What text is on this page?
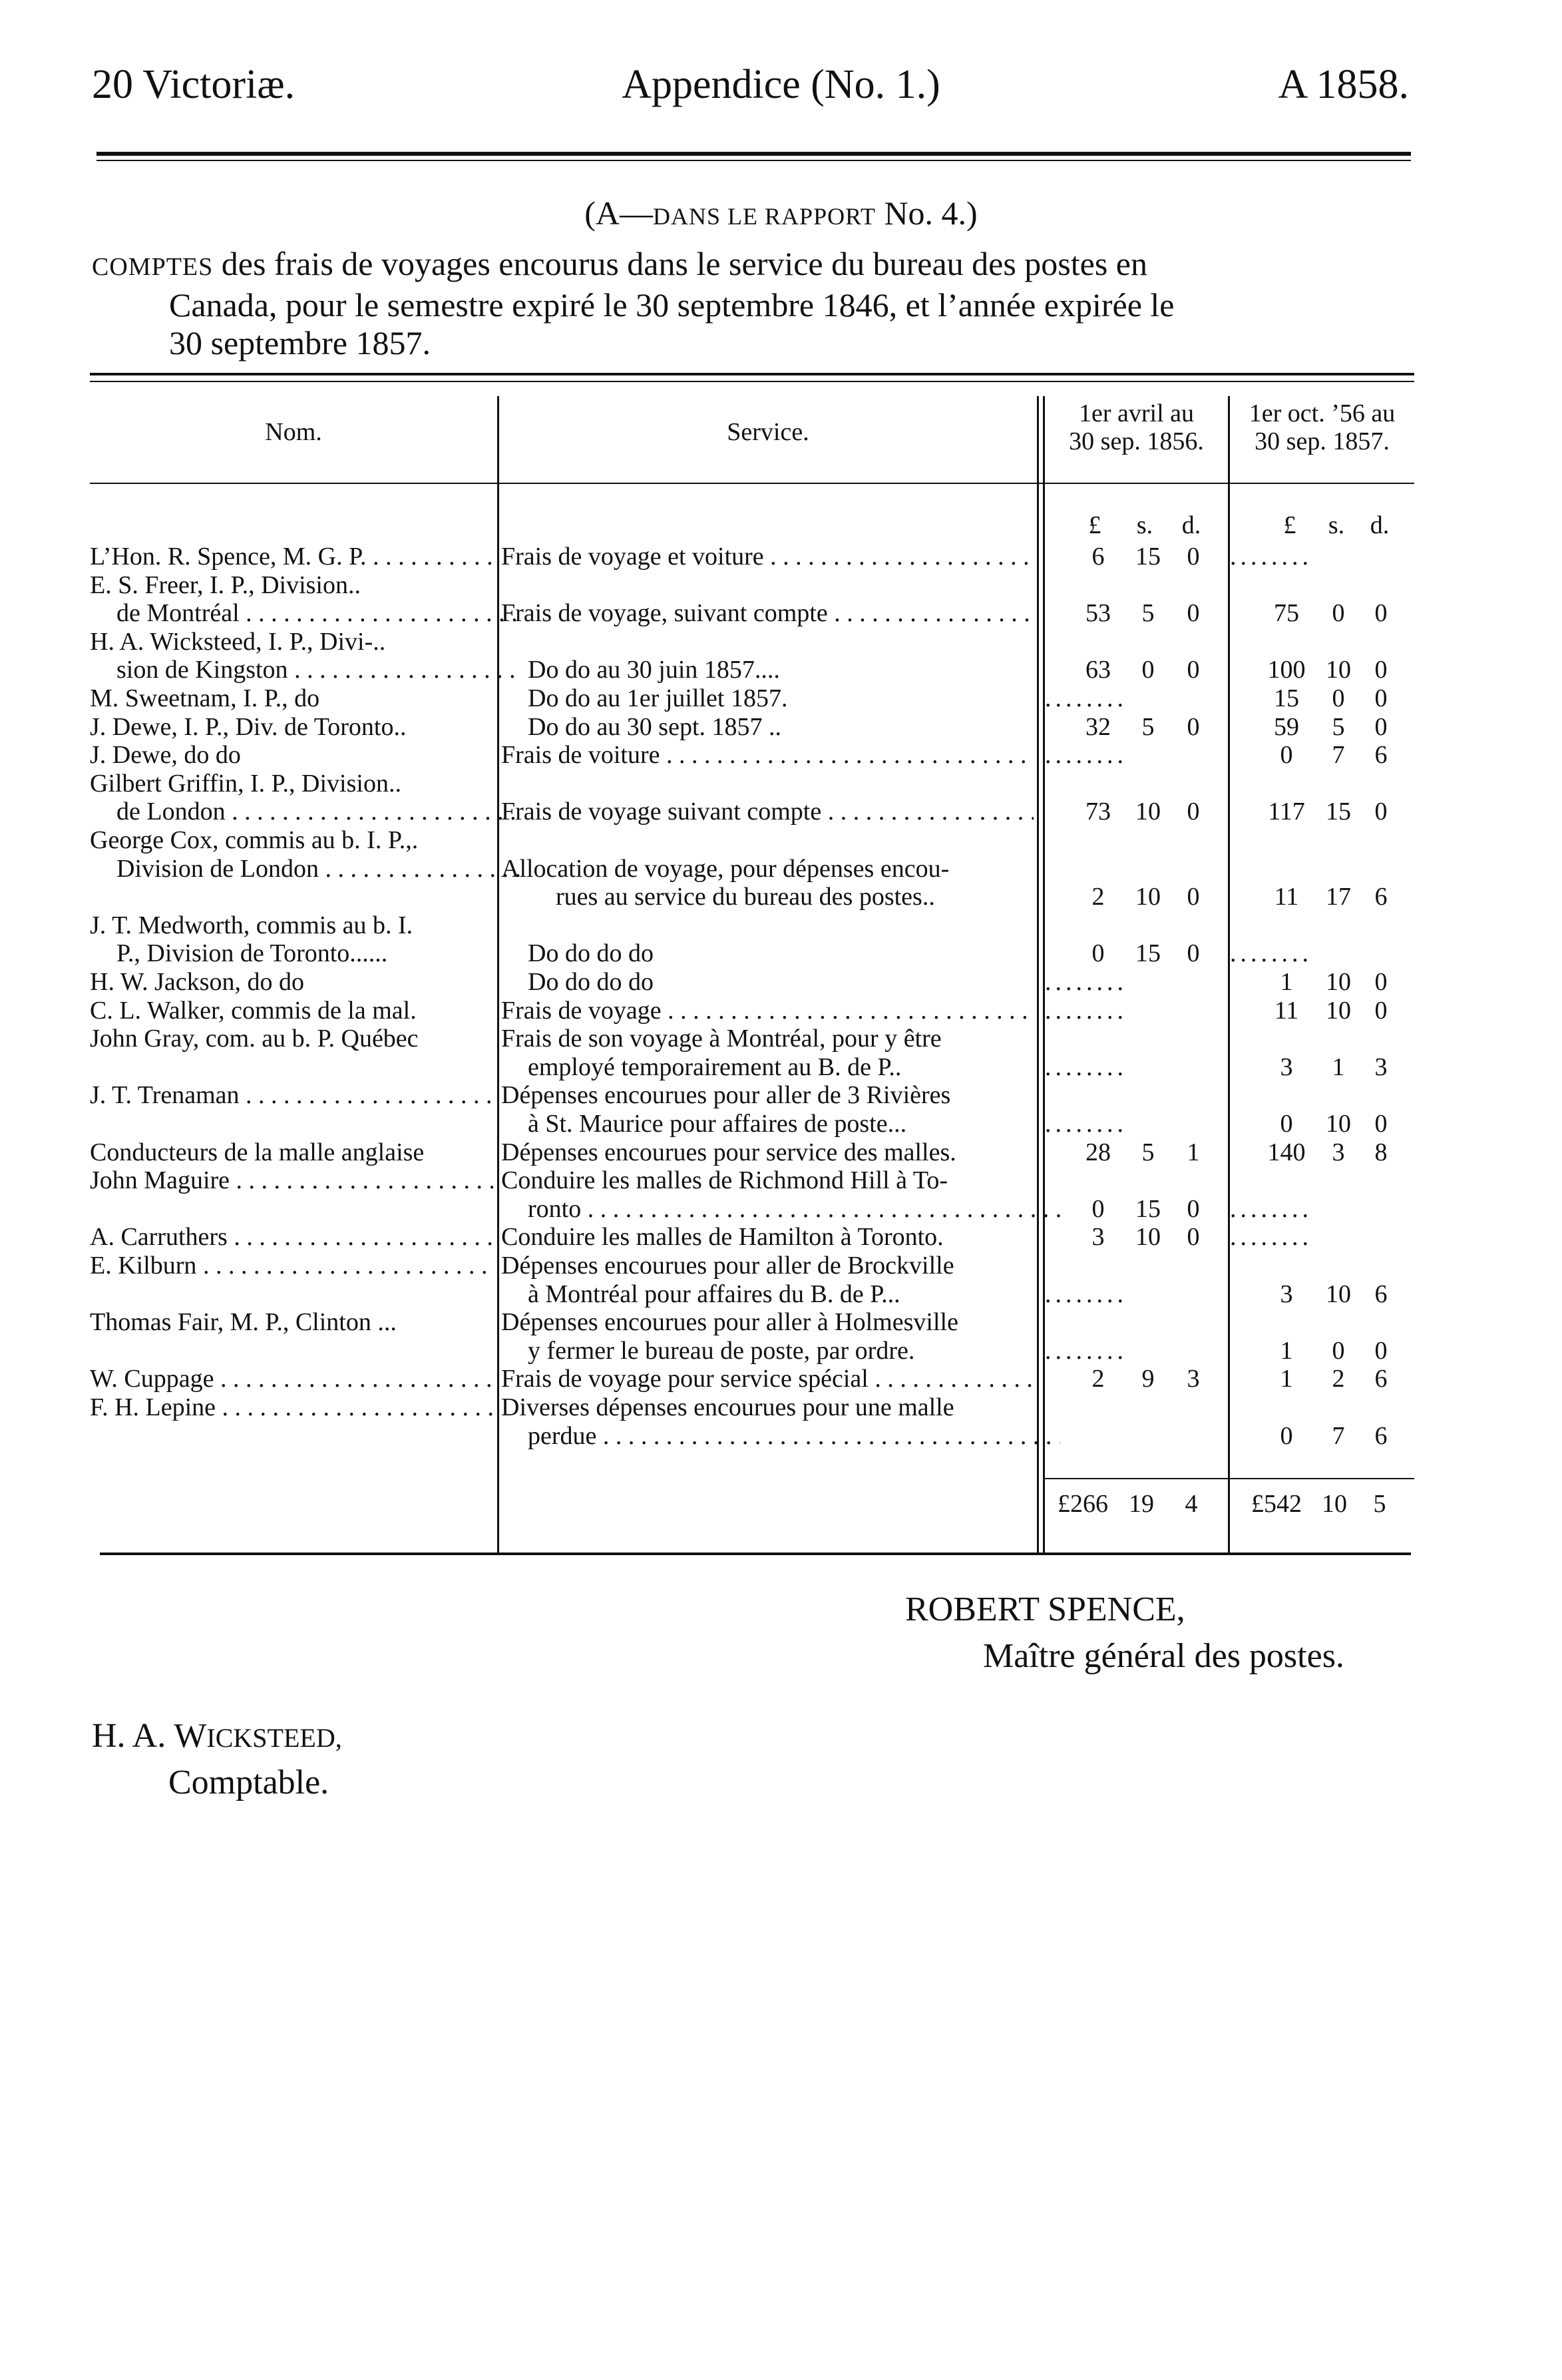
20 Victoriæ.	Appendice (No. 1.)	A 1858.
(A—DANS LE RAPPORT No. 4.)
COMPTES des frais de voyages encourus dans le service du bureau des postes en
Canada, pour le semestre expiré le 30 septembre 1846, et l’année expirée le
30 septembre 1857.
Nom.	Service.
1er avril au
30 sep. 1856.
1er oct. ’56 au
30 sep. 1857.
£	s.	d.	£	s.	d.
L’Hon. R. Spence, M. G. P. . . .	Frais de voyage et voiture . . .	6	15	0	........
E. S. Freer, I. P., Division..
de Montréal . . .	Frais de voyage, suivant compte . . .	53	5	0	75	0	0
H. A. Wicksteed, I. P., Divi-..
sion de Kingston . . .	Do do au 30 juin 1857....	63	0	0	100 10 0
M. Sweetnam, I. P., do	Do do au 1er juillet 1857.	........	15	0	0
J. Dewe, I. P., Div. de Toronto..	Do do au 30 sept. 1857 ..	32	5	0	59	5	0
J. Dewe, do do	Frais de voiture . . .	........	0	7	6
Gilbert Griffin, I. P., Division..
de London . . .	Frais de voyage suivant compte . . .	73 10	0	117 15 0
George Cox, commis au b. I. P.,.
Division de London . . .	Allocation de voyage, pour dépenses encou-
rues au service du bureau des postes..	2	10	0	11	17 6
J. T. Medworth, commis au b. I.
P., Division de Toronto......	Do do do do	0	15	0	........
H. W. Jackson, do do	Do do do do	........	1	10 0
C. L. Walker, commis de la mal.	Frais de voyage . . .	........	11	10 0
John Gray, com. au b. P. Québec	Frais de son voyage à Montréal, pour y être
employé temporairement au B. de P..	........	3	1	3
J. T. Trenaman . . .	Dépenses encourues pour aller de 3 Rivières
à St. Maurice pour affaires de poste...	........	0	10 0
Conducteurs de la malle anglaise	Dépenses encourues pour service des malles.	28	5	1	140	3	8
John Maguire . . .	Conduire les malles de Richmond Hill à To-
ronto . . .	0	15	0	........
A. Carruthers . . .	Conduire les malles de Hamilton à Toronto.	3	10	0	........
E. Kilburn . . .	Dépenses encourues pour aller de Brockville
à Montréal pour affaires du B. de P...	........	3	10 6
Thomas Fair, M. P., Clinton ...	Dépenses encourues pour aller à Holmesville
y fermer le bureau de poste, par ordre.	........	1	0	0
W. Cuppage . . .	Frais de voyage pour service spécial . . .	2	9	3	1	2	6
F. H. Lepine . . .	Diverses dépenses encourues pour une malle
perdue . . .	0	7	6
£266 19	4	£542 10	5
ROBERT SPENCE,
Maître général des postes.
H. A. WICKSTEED,
Comptable.
